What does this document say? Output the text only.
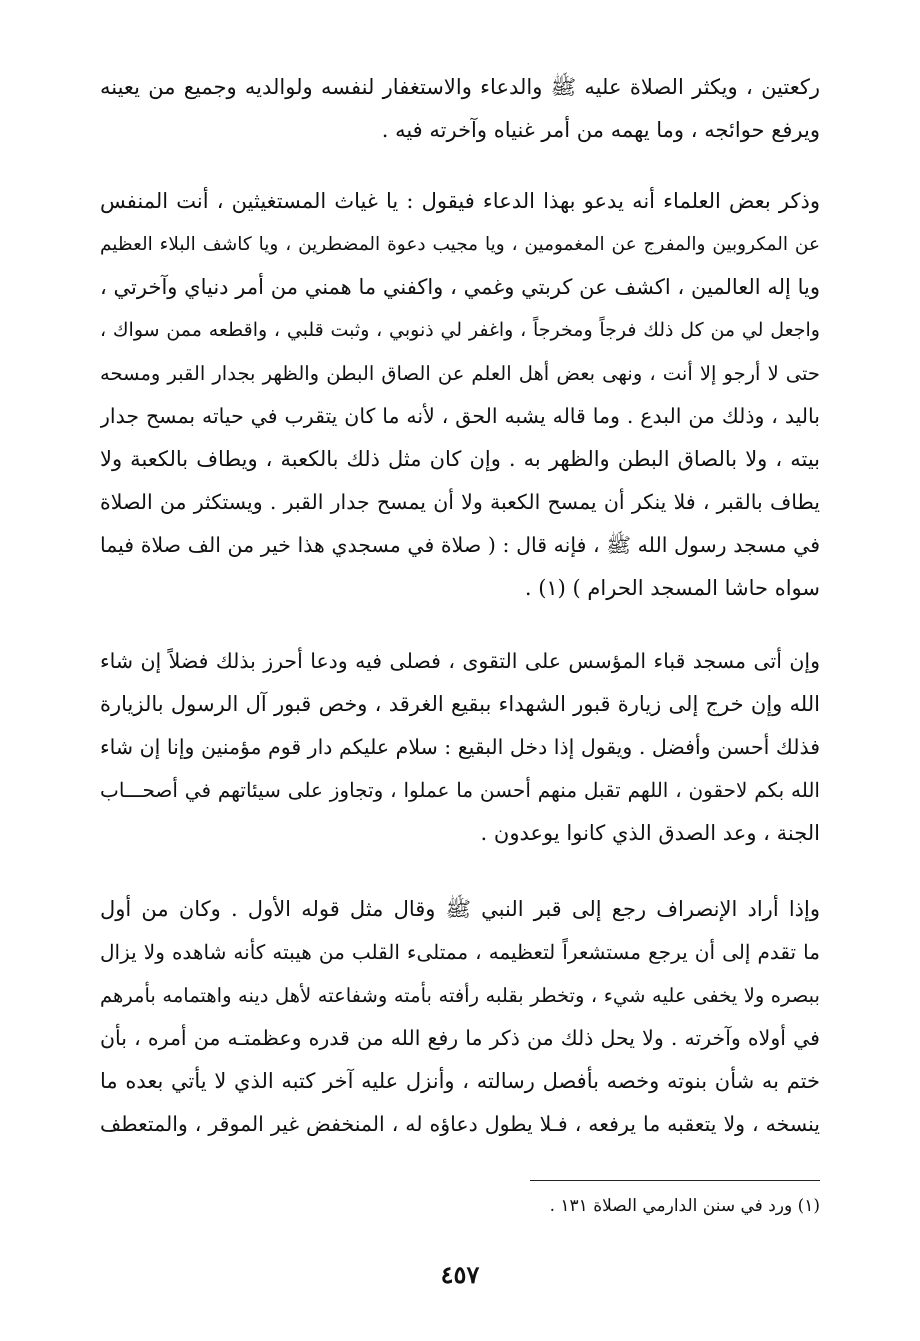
ركعتين ، ويكثر الصلاة عليه ﷺ والدعاء والاستغفار لنفسه ولوالديه وجميع من يعينه
ويرفع حوائجه ، وما يهمه من أمر غنياه وآخرته فيه .
وذكر بعض العلماء أنه يدعو بهذا الدعاء فيقول : يا غياث المستغيثين ، أنت المنفس
عن المكروبين والمفرج عن المغمومين ، ويا مجيب دعوة المضطرين ، ويا كاشف البلاء العظيم
ويا إله العالمين ، اكشف عن كربتي وغمي ، واكفني ما همني من أمر دنياي وآخرتي ،
واجعل لي من كل ذلك فرجاً ومخرجاً ، واغفر لي ذنوبي ، وثبت قلبي ، واقطعه ممن سواك ،
حتى لا أرجو إلا أنت ، ونهى بعض أهل العلم عن الصاق البطن والظهر بجدار القبر ومسحه
باليد ، وذلك من البدع . وما قاله يشبه الحق ، لأنه ما كان يتقرب في حياته بمسح جدار
بيته ، ولا بالصاق البطن والظهر به . وإن كان مثل ذلك بالكعبة ، ويطاف بالكعبة ولا
يطاف بالقبر ، فلا ينكر أن يمسح الكعبة ولا أن يمسح جدار القبر . ويستكثر من الصلاة
في مسجد رسول الله ﷺ ، فإنه قال : ( صلاة في مسجدي هذا خير من الف صلاة فيما
سواه حاشا المسجد الحرام ) (١) .
وإن أتى مسجد قباء المؤسس على التقوى ، فصلى فيه ودعا أحرز بذلك فضلاً إن شاء
الله وإن خرج إلى زيارة قبور الشهداء ببقيع الغرقد ، وخص قبور آل الرسول بالزيارة
فذلك أحسن وأفضل . ويقول إذا دخل البقيع : سلام عليكم دار قوم مؤمنين وإنا إن شاء
الله بكم لاحقون ، اللهم تقبل منهم أحسن ما عملوا ، وتجاوز على سيئاتهم في أصحـــاب
الجنة ، وعد الصدق الذي كانوا يوعدون .
وإذا أراد الإنصراف رجع إلى قبر النبي ﷺ وقال مثل قوله الأول . وكان من أول
ما تقدم إلى أن يرجع مستشعراً لتعظيمه ، ممتلىء القلب من هيبته كأنه شاهده ولا يزال
ببصره ولا يخفى عليه شيء ، وتخطر بقلبه رأفته بأمته وشفاعته لأهل دينه واهتمامه بأمرهم
في أولاه وآخرته . ولا يحل ذلك من ذكر ما رفع الله من قدره وعظمتـه من أمره ، بأن
ختم به شأن بنوته وخصه بأفصل رسالته ، وأنزل عليه آخر كتبه الذي لا يأتي بعده ما
ينسخه ، ولا يتعقبه ما يرفعه ، فـلا يطول دعاؤه له ، المنخفض غير الموقر ، والمتعطف
(١) ورد في سنن الدارمي الصلاة ١٣١ .
٤٥٧
